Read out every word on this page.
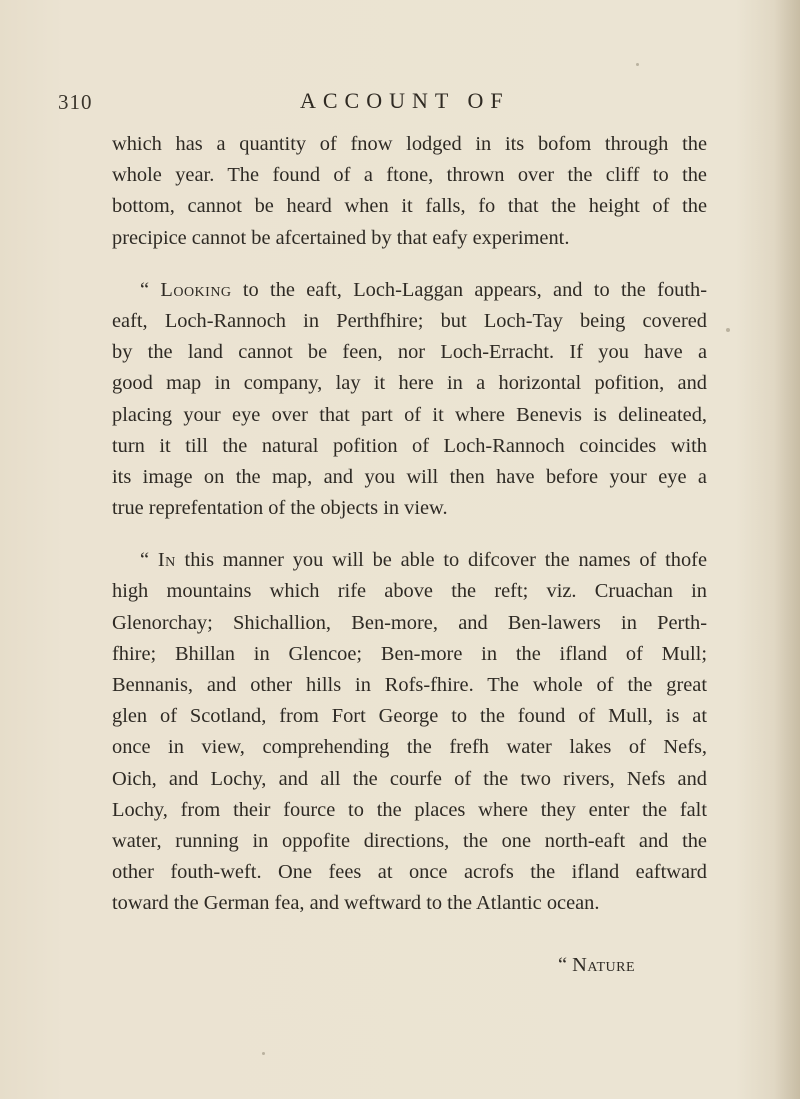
310	ACCOUNT OF
which has a quantity of fnow lodged in its bofom through the
whole year. The found of a ftone, thrown over the cliff to the
bottom, cannot be heard when it falls, fo that the height of the
precipice cannot be afcertained by that eafy experiment.
“ Looking to the eaft, Loch-Laggan appears, and to the fouth-
eaft, Loch-Rannoch in Perthfhire; but Loch-Tay being covered
by the land cannot be feen, nor Loch-Erracht. If you have a
good map in company, lay it here in a horizontal pofition, and
placing your eye over that part of it where Benevis is delineated,
turn it till the natural pofition of Loch-Rannoch coincides with
its image on the map, and you will then have before your eye a
true reprefentation of the objects in view.
“ In this manner you will be able to difcover the names of thofe
high mountains which rife above the reft; viz. Cruachan in
Glenorchay; Shichallion, Ben-more, and Ben-lawers in Perth-
fhire; Bhillan in Glencoe; Ben-more in the ifland of Mull;
Bennanis, and other hills in Rofs-fhire. The whole of the great
glen of Scotland, from Fort George to the found of Mull, is at
once in view, comprehending the frefh water lakes of Nefs,
Oich, and Lochy, and all the courfe of the two rivers, Nefs and
Lochy, from their fource to the places where they enter the falt
water, running in oppofite directions, the one north-eaft and the
other fouth-weft. One fees at once acrofs the ifland eaftward
toward the German fea, and weftward to the Atlantic ocean.
“ Nature
